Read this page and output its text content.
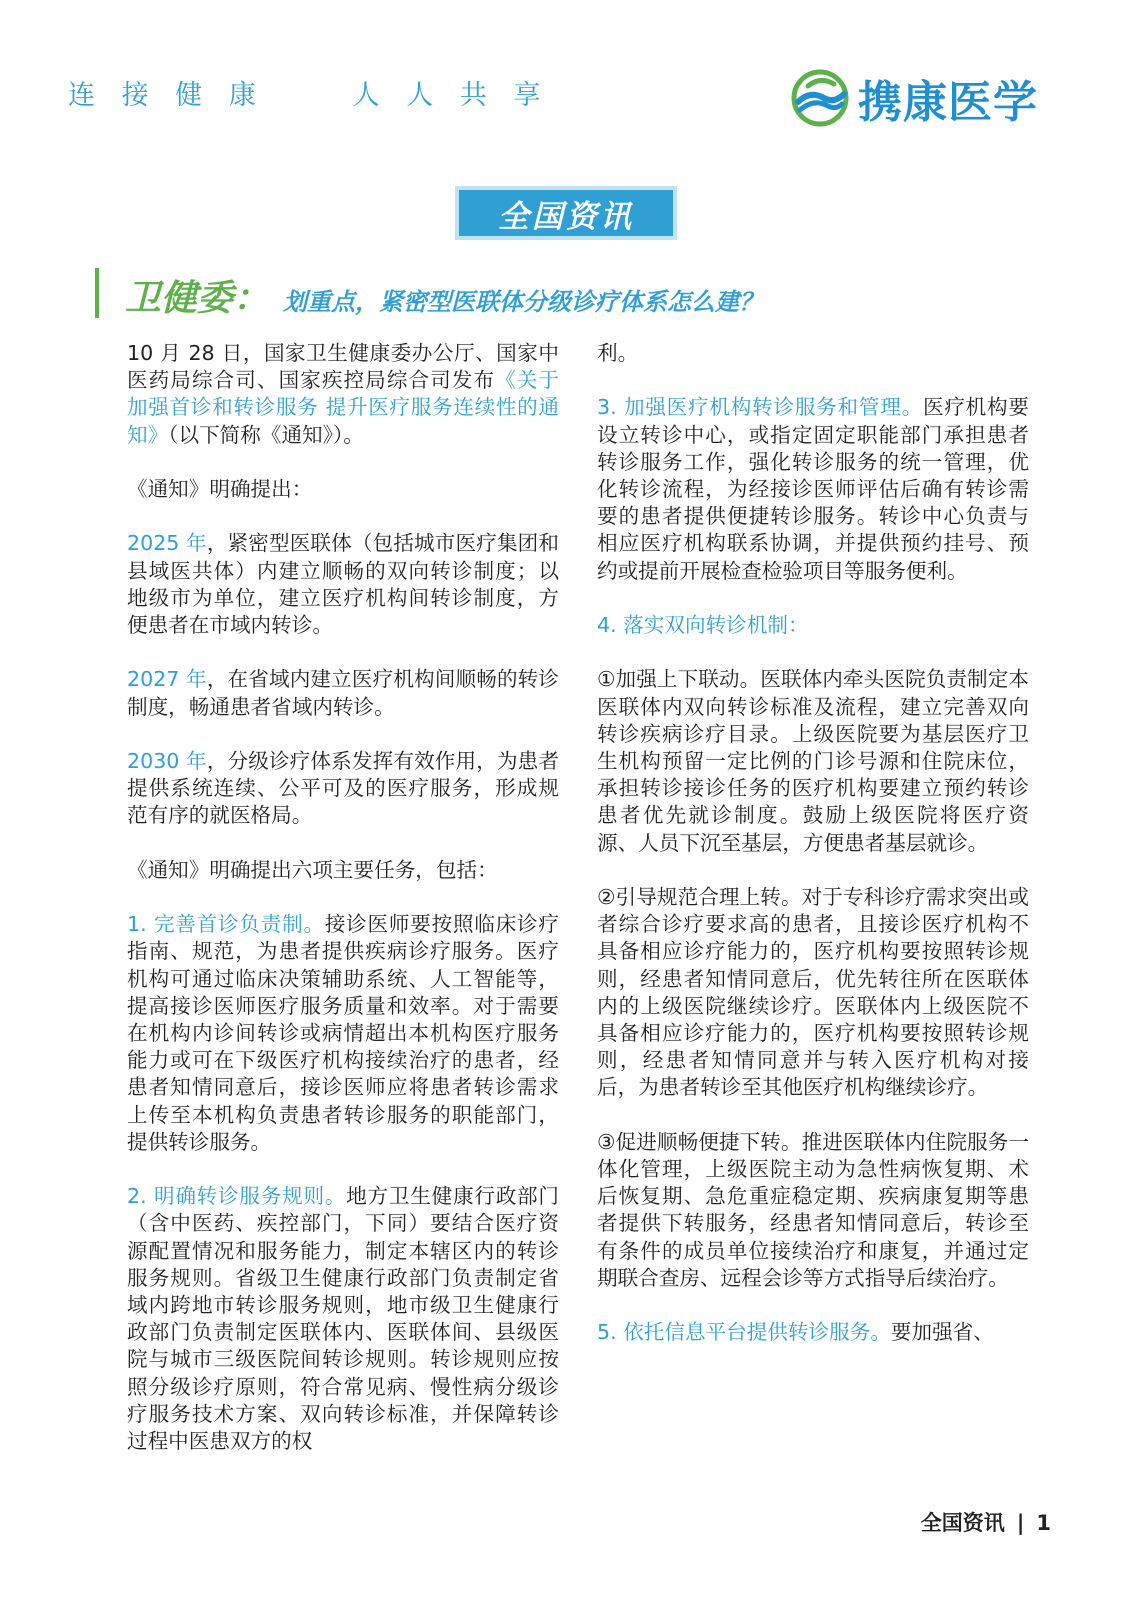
连 接 健 康     人 人 共 享	携康医学
全国资讯
卫健委： 划重点，紧密型医联体分级诊疗体系怎么建？

10 月 28 日，国家卫生健康委办公厅、国家中医药局综合司、国家疾控局综合司发布《关于加强首诊和转诊服务 提升医疗服务连续性的通知》（以下简称《通知》）。

《通知》明确提出：

2025 年，紧密型医联体（包括城市医疗集团和县域医共体）内建立顺畅的双向转诊制度；以地级市为单位，建立医疗机构间转诊制度，方便患者在市域内转诊。

2027 年，在省域内建立医疗机构间顺畅的转诊制度，畅通患者省域内转诊。

2030 年，分级诊疗体系发挥有效作用，为患者提供系统连续、公平可及的医疗服务，形成规范有序的就医格局。

《通知》明确提出六项主要任务，包括：

1. 完善首诊负责制。接诊医师要按照临床诊疗指南、规范，为患者提供疾病诊疗服务。医疗机构可通过临床决策辅助系统、人工智能等，提高接诊医师医疗服务质量和效率。对于需要在机构内诊间转诊或病情超出本机构医疗服务能力或可在下级医疗机构接续治疗的患者，经患者知情同意后，接诊医师应将患者转诊需求上传至本机构负责患者转诊服务的职能部门，提供转诊服务。

2. 明确转诊服务规则。地方卫生健康行政部门（含中医药、疾控部门，下同）要结合医疗资源配置情况和服务能力，制定本辖区内的转诊服务规则。省级卫生健康行政部门负责制定省域内跨地市转诊服务规则，地市级卫生健康行政部门负责制定医联体内、医联体间、县级医院与城市三级医院间转诊规则。转诊规则应按照分级诊疗原则，符合常见病、慢性病分级诊疗服务技术方案、双向转诊标准，并保障转诊过程中医患双方的权

利。

3. 加强医疗机构转诊服务和管理。医疗机构要设立转诊中心，或指定固定职能部门承担患者转诊服务工作，强化转诊服务的统一管理，优化转诊流程，为经接诊医师评估后确有转诊需要的患者提供便捷转诊服务。转诊中心负责与相应医疗机构联系协调，并提供预约挂号、预约或提前开展检查检验项目等服务便利。

4. 落实双向转诊机制：

①加强上下联动。医联体内牵头医院负责制定本医联体内双向转诊标准及流程，建立完善双向转诊疾病诊疗目录。上级医院要为基层医疗卫生机构预留一定比例的门诊号源和住院床位，承担转诊接诊任务的医疗机构要建立预约转诊患者优先就诊制度。鼓励上级医院将医疗资源、人员下沉至基层，方便患者基层就诊。

②引导规范合理上转。对于专科诊疗需求突出或者综合诊疗要求高的患者，且接诊医疗机构不具备相应诊疗能力的，医疗机构要按照转诊规则，经患者知情同意后，优先转往所在医联体内的上级医院继续诊疗。医联体内上级医院不具备相应诊疗能力的，医疗机构要按照转诊规则，经患者知情同意并与转入医疗机构对接后，为患者转诊至其他医疗机构继续诊疗。

③促进顺畅便捷下转。推进医联体内住院服务一体化管理，上级医院主动为急性病恢复期、术后恢复期、急危重症稳定期、疾病康复期等患者提供下转服务，经患者知情同意后，转诊至有条件的成员单位接续治疗和康复，并通过定期联合查房、远程会诊等方式指导后续治疗。

5. 依托信息平台提供转诊服务。要加强省、

全国资讯 | 1
